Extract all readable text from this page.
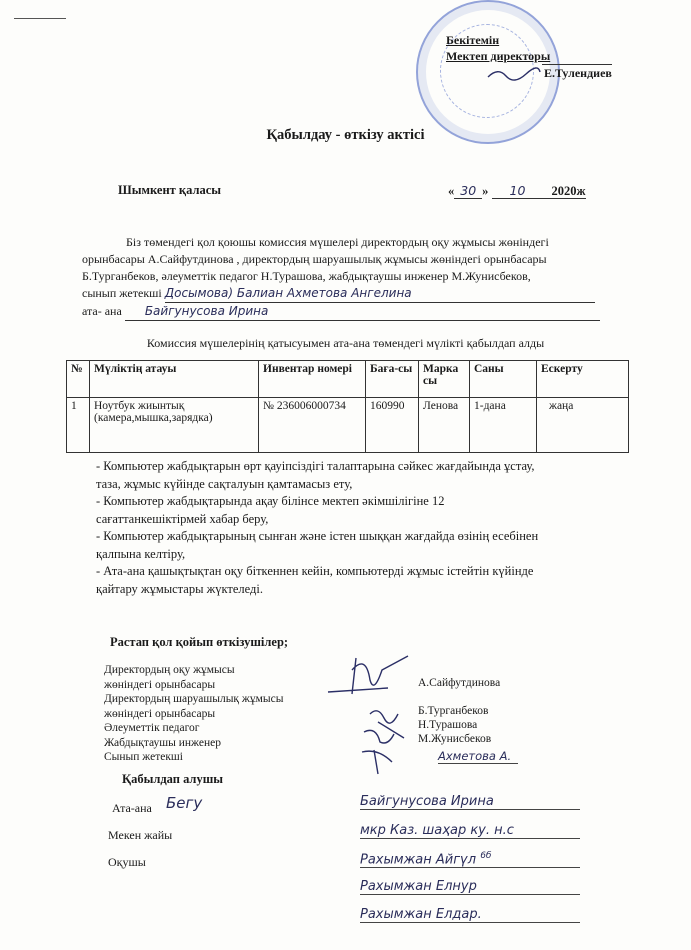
Бекітемін
Мектеп директоры
Е.Тулендиев
Қабылдау - өткізу актісі
Шымкент қаласы	« 30 » 10 2020ж

Біз төмендегі қол қоюшы комиссия мүшелері директордың оқу жұмысы жөніндегі

орынбасары А.Сайфутдинова , директордың шаруашылық жұмысы жөніндегі орынбасары

Б.Турганбеков, әлеуметтік педагог Н.Турашова, жабдықтаушы инженер М.Жунисбеков,

сынып жетекші Досымова) Балиан Ахметова Ангелина

ата- ана Байгунусова Ирина

Комиссия мүшелерінің қатысуымен ата-ана төмендегі мүлікті қабылдап алды
№	Мүліктің атауы	Инвентар номері	Баға-сы	Марка сы	Саны	Ескерту
1	Ноутбук жиынтық (камера,мышка,зарядка)	№ 236006000734	160990	Ленова	1-дана	жаңа

- Компьютер жабдықтарын өрт қауіпсіздігі талаптарына сәйкес жағдайында ұстау,

таза, жұмыс күйінде сақталуын қамтамасыз ету,

- Компьютер жабдықтарында ақау білінсе мектеп әкімшілігіне 12

сағаттанкешіктірмей хабар беру,

- Компьютер жабдықтарының сынған және істен шыққан жағдайда өзінің есебінен

қалпына келтіру,

- Ата-ана қашықтықтан оқу біткеннен кейін, компьютерді жұмыс істейтін күйінде

қайтару жұмыстары жүктеледі.

Растап қол қойып өткізушілер;

Директордың оқу жұмысы

жөніндегі орынбасары

Директордың шаруашылық жұмысы

жөніндегі орынбасары

Әлеуметтік педагог

Жабдықтаушы инженер

Сынып жетекші

А.Сайфутдинова

Б.Турганбеков

Н.Турашова

М.Жунисбеков

Ахметова А.
Қабылдап алушы
Ата-ана Бегу
Мекен жайы
Оқушы
Байгунусова Ирина
мкр Каз. шаҳар ку. н.с
Рахымжан Айгүл $^{6б}$
Рахымжан Елнур
Рахымжан Елдар.
